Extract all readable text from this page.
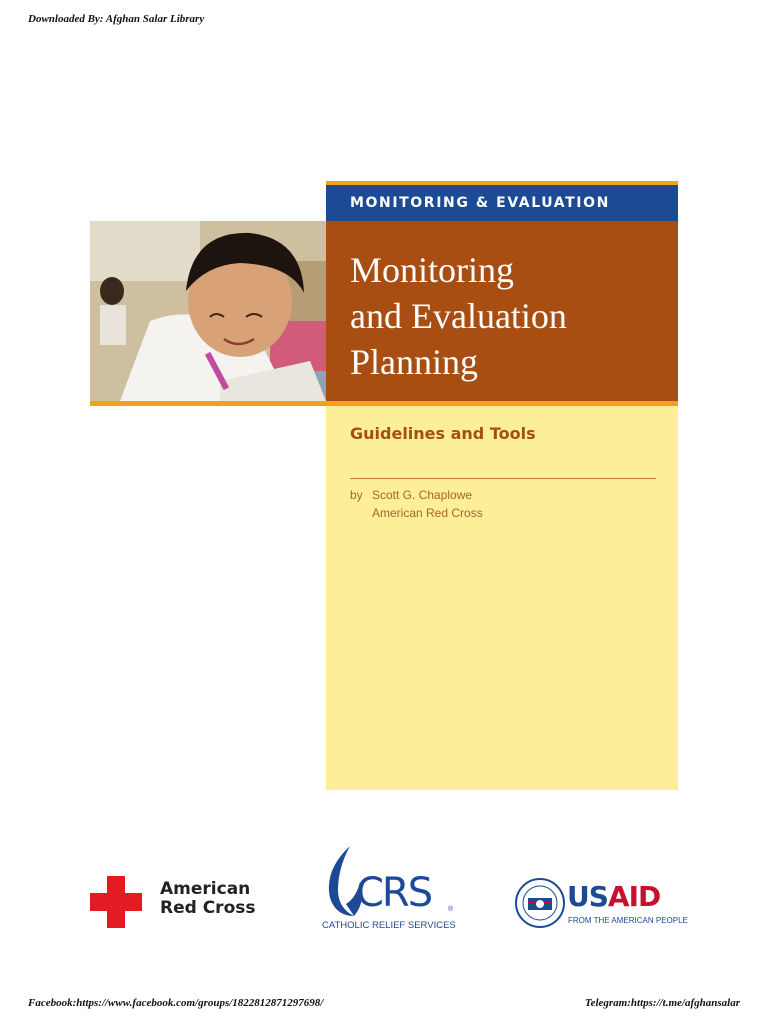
Downloaded By: Afghan Salar Library
MONITORING & EVALUATION
Monitoring
and Evaluation
Planning
Guidelines and Tools
by Scott G. Chaplowe
American Red Cross
American
Red Cross	CRS ®
CATHOLIC RELIEF SERVICES
USAID
FROM THE AMERICAN PEOPLE
Facebook:https://www.facebook.com/groups/1822812871297698/	Telegram:https://t.me/afghansalar
